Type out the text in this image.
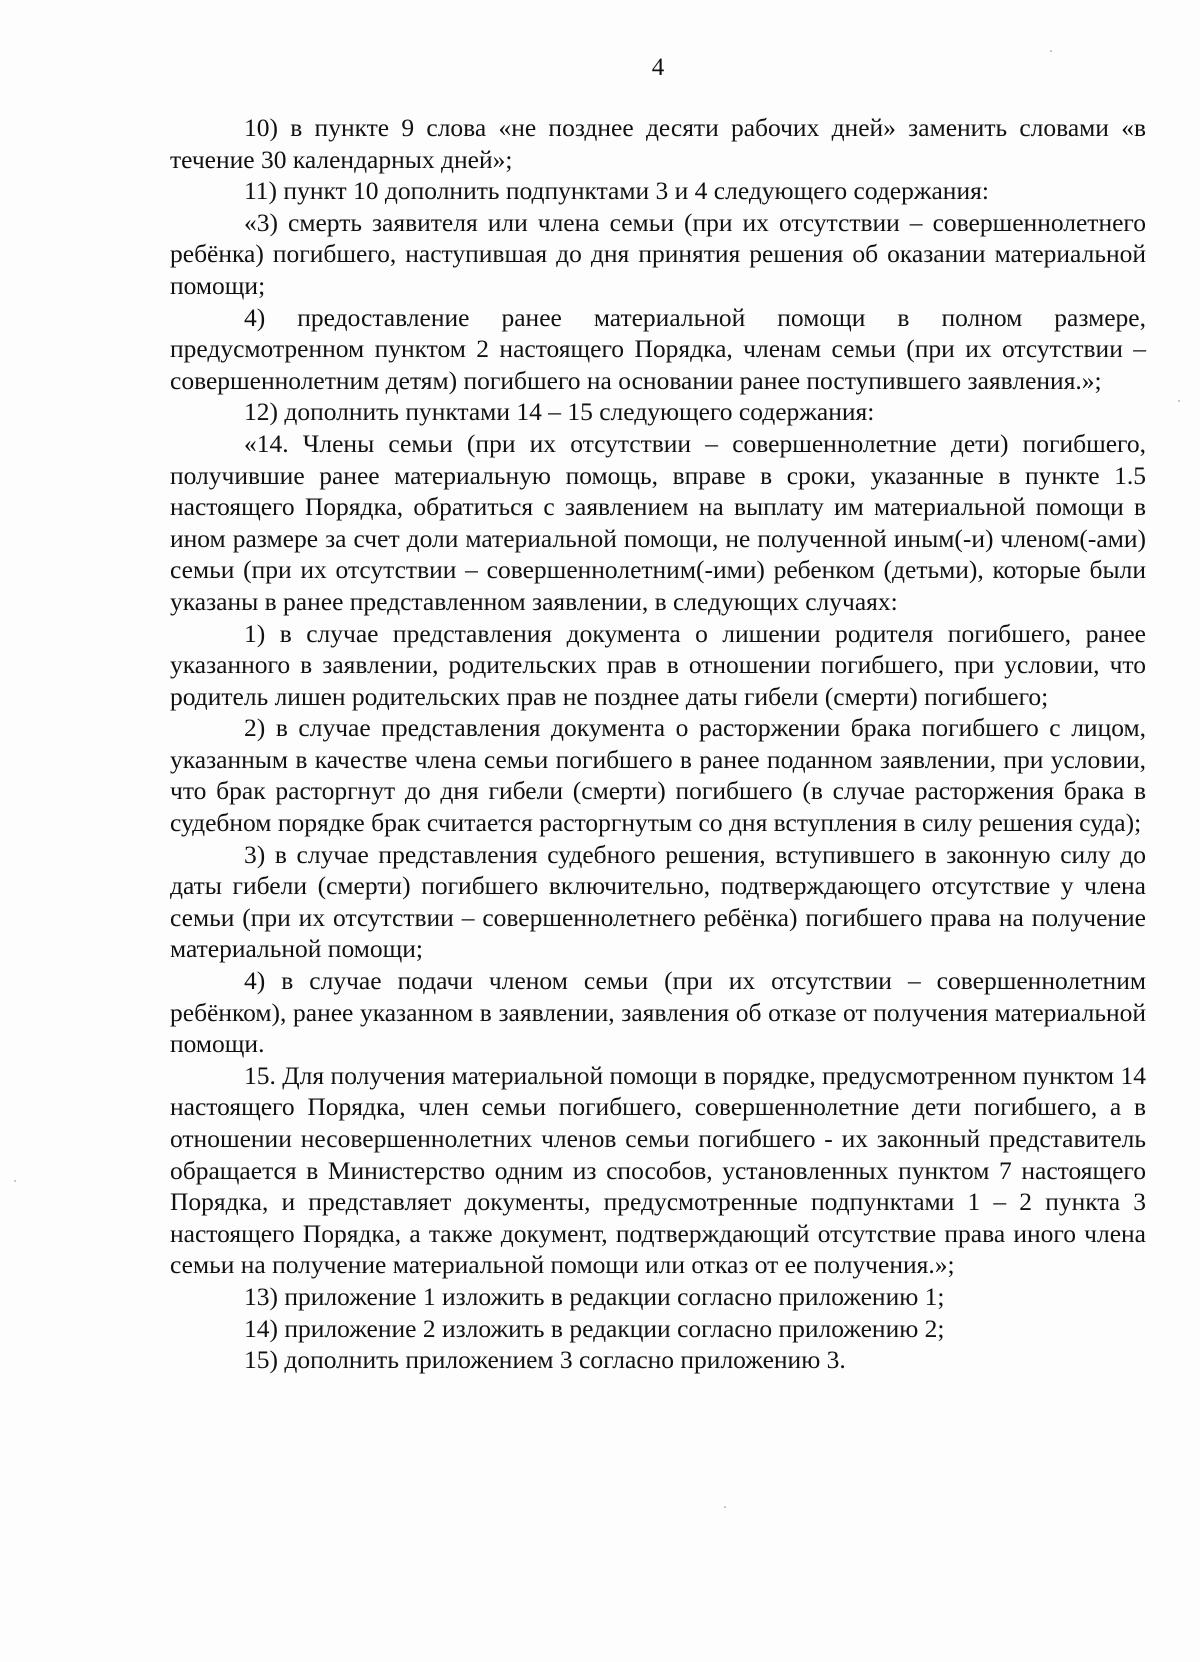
4

10) в пункте 9 слова «не позднее десяти рабочих дней» заменить словами «в течение 30 календарных дней»;

11) пункт 10 дополнить подпунктами 3 и 4 следующего содержания:

«3) смерть заявителя или члена семьи (при их отсутствии – совершеннолетнего ребёнка) погибшего, наступившая до дня принятия решения об оказании материальной помощи;

4) предоставление ранее материальной помощи в полном размере, предусмотренном пунктом 2 настоящего Порядка, членам семьи (при их отсутствии – совершеннолетним детям) погибшего на основании ранее поступившего заявления.»;

12) дополнить пунктами 14 – 15 следующего содержания:

«14. Члены семьи (при их отсутствии – совершеннолетние дети) погибшего, получившие ранее материальную помощь, вправе в сроки, указанные в пункте 1.5 настоящего Порядка, обратиться с заявлением на выплату им материальной помощи в ином размере за счет доли материальной помощи, не полученной иным(-и) членом(-ами) семьи (при их отсутствии – совершеннолетним(-ими) ребенком (детьми), которые были указаны в ранее представленном заявлении, в следующих случаях:

1) в случае представления документа о лишении родителя погибшего, ранее указанного в заявлении, родительских прав в отношении погибшего, при условии, что родитель лишен родительских прав не позднее даты гибели (смерти) погибшего;

2) в случае представления документа о расторжении брака погибшего с лицом, указанным в качестве члена семьи погибшего в ранее поданном заявлении, при условии, что брак расторгнут до дня гибели (смерти) погибшего (в случае расторжения брака в судебном порядке брак считается расторгнутым со дня вступления в силу решения суда);

3) в случае представления судебного решения, вступившего в законную силу до даты гибели (смерти) погибшего включительно, подтверждающего отсутствие у члена семьи (при их отсутствии – совершеннолетнего ребёнка) погибшего права на получение материальной помощи;

4) в случае подачи членом семьи (при их отсутствии – совершеннолетним ребёнком), ранее указанном в заявлении, заявления об отказе от получения материальной помощи.

15. Для получения материальной помощи в порядке, предусмотренном пунктом 14 настоящего Порядка, член семьи погибшего, совершеннолетние дети погибшего, а в отношении несовершеннолетних членов семьи погибшего - их законный представитель обращается в Министерство одним из способов, установленных пунктом 7 настоящего Порядка, и представляет документы, предусмотренные подпунктами 1 – 2 пункта 3 настоящего Порядка, а также документ, подтверждающий отсутствие права иного члена семьи на получение материальной помощи или отказ от ее получения.»;

13) приложение 1 изложить в редакции согласно приложению 1;

14) приложение 2 изложить в редакции согласно приложению 2;

15) дополнить приложением 3 согласно приложению 3.
